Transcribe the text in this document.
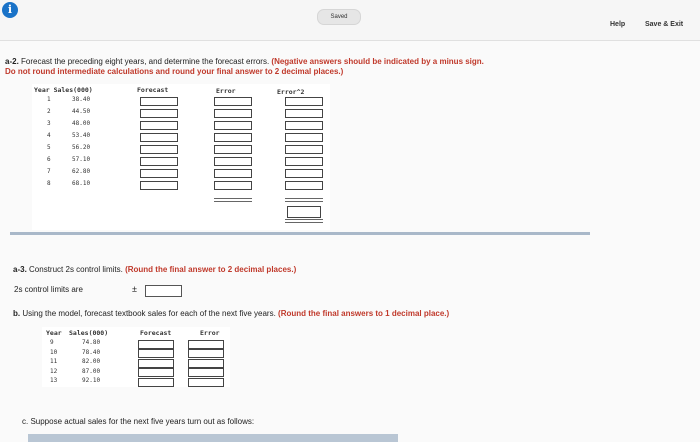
i
Saved
Help	Save & Exit
a-2. Forecast the preceding eight years, and determine the forecast errors. (Negative answers should be indicated by a minus sign.
Do not round intermediate calculations and round your final answer to 2 decimal places.)
Year Sales(000)	Forecast	Error	Error^2
1	38.40
2	44.50
3	48.00
4	53.40
5	56.20
6	57.10
7	62.80
8	68.10
a-3. Construct 2s control limits. (Round the final answer to 2 decimal places.)
2s control limits are	±
b. Using the model, forecast textbook sales for each of the next five years. (Round the final answers to 1 decimal place.)
Year Sales(000)	Forecast	Error
9	74.80
10	78.40
11	82.00
12	87.00
13	92.10
c. Suppose actual sales for the next five years turn out as follows:
